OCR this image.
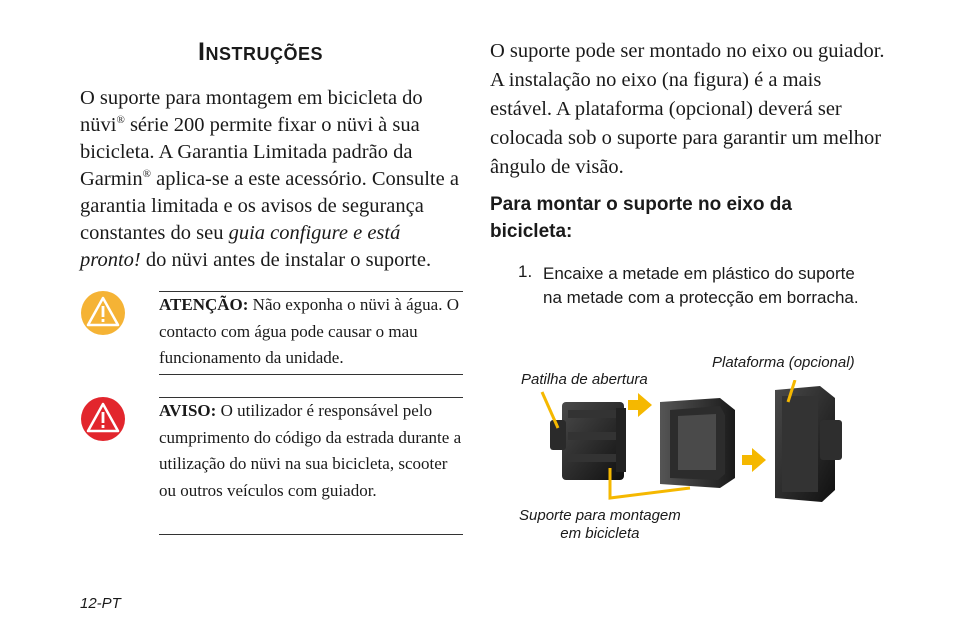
Instruções
O suporte para montagem em bicicleta do nüvi® série 200 permite fixar o nüvi à sua bicicleta. A Garantia Limitada padrão da Garmin® aplica-se a este acessório. Consulte a garantia limitada e os avisos de segurança constantes do seu guia configure e está pronto! do nüvi antes de instalar o suporte.
ATENÇÃO: Não exponha o nüvi à água. O contacto com água pode causar o mau funcionamento da unidade.
AVISO: O utilizador é responsável pelo cumprimento do código da estrada durante a utilização do nüvi na sua bicicleta, scooter ou outros veículos com guiador.
12-PT
O suporte pode ser montado no eixo ou guiador. A instalação no eixo (na figura) é a mais estável. A plataforma (opcional) deverá ser colocada sob o suporte para garantir um melhor ângulo de visão.
Para montar o suporte no eixo da bicicleta:
1. Encaixe a metade em plástico do suporte na metade com a protecção em borracha.
Plataforma (opcional)
Patilha de abertura
Suporte para montagem
em bicicleta
